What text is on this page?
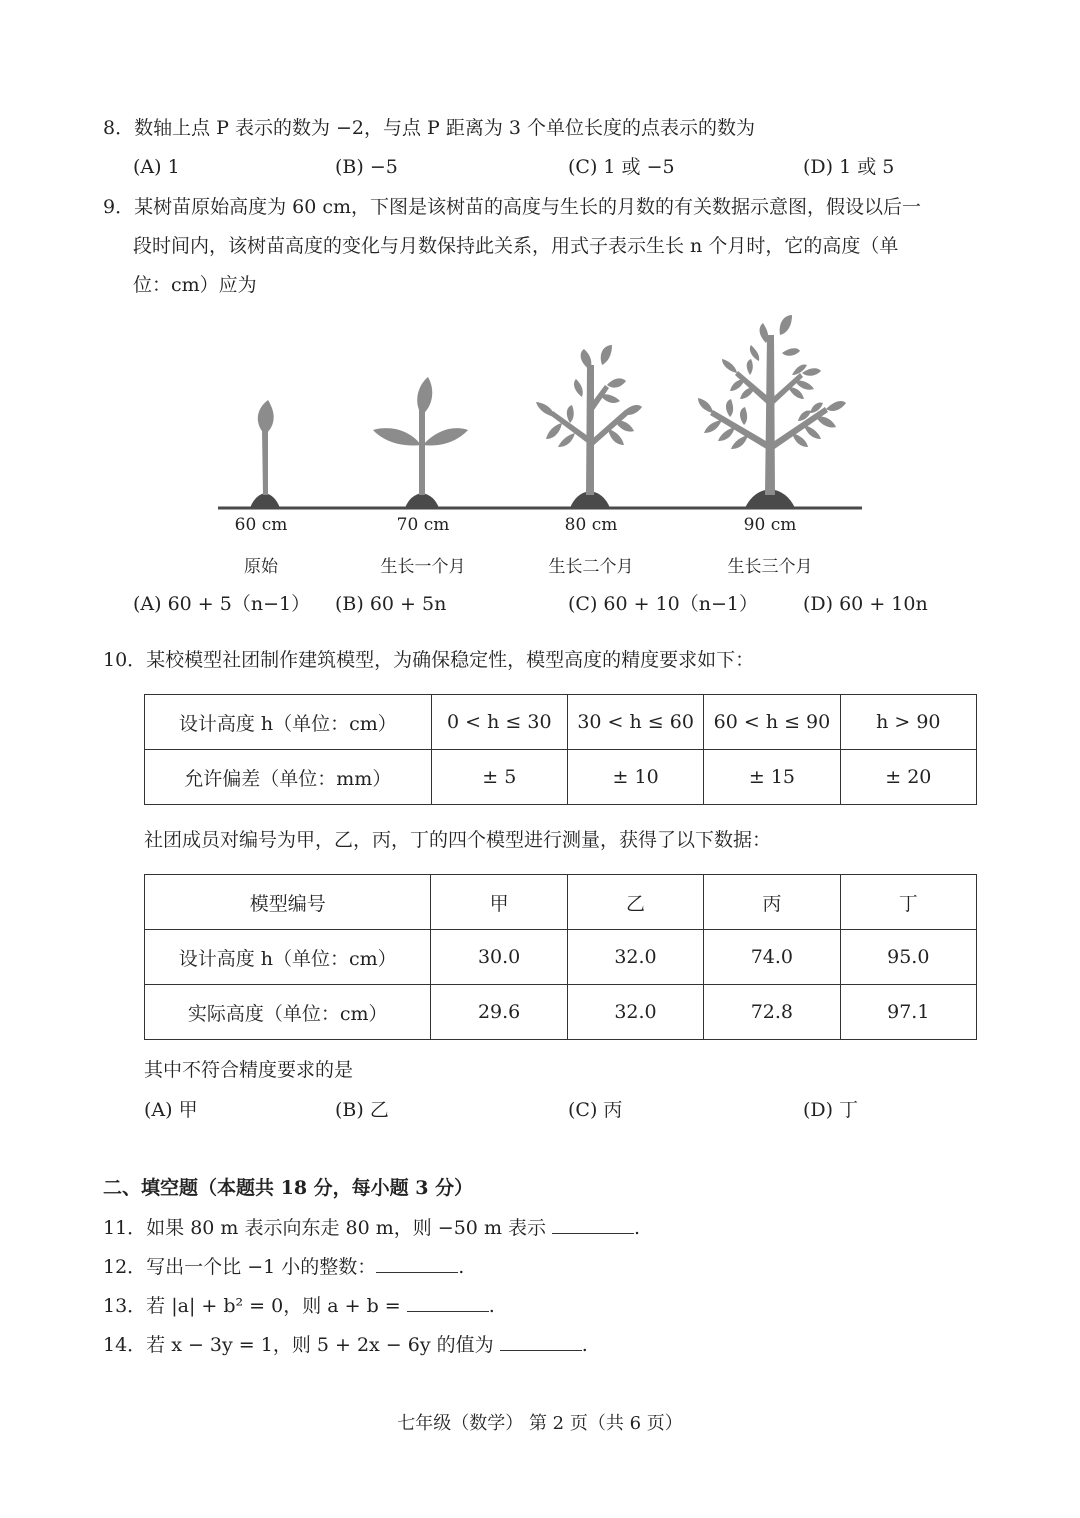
8．数轴上点 P 表示的数为 −2，与点 P 距离为 3 个单位长度的点表示的数为
(A) 1	(B) −5	(C) 1 或 −5	(D) 1 或 5
9．某树苗原始高度为 60 cm，下图是该树苗的高度与生长的月数的有关数据示意图，假设以后一
段时间内，该树苗高度的变化与月数保持此关系，用式子表示生长 n 个月时，它的高度（单
位：cm）应为
60 cm	70 cm	80 cm	90 cm
原始	生长一个月	生长二个月	生长三个月
(A) 60 + 5（n−1） (B) 60 + 5n	(C) 60 + 10（n−1） (D) 60 + 10n
10．某校模型社团制作建筑模型，为确保稳定性，模型高度的精度要求如下：
设计高度 h（单位：cm）	0 < h ≤ 30	30 < h ≤ 60	60 < h ≤ 90	h > 90
允许偏差（单位：mm）	± 5	± 10	± 15	± 20
社团成员对编号为甲，乙，丙，丁的四个模型进行测量，获得了以下数据：
模型编号	甲	乙	丙	丁
设计高度 h（单位：cm）	30.0	32.0	74.0	95.0
实际高度（单位：cm）	29.6	32.0	72.8	97.1
其中不符合精度要求的是
(A) 甲	(B) 乙	(C) 丙	(D) 丁
二、填空题（本题共 18 分，每小题 3 分）
11．如果 80 m 表示向东走 80 m，则 −50 m 表示	.
12．写出一个比 −1 小的整数：	.
13．若 |a| + b² = 0，则 a + b =	.
14．若 x − 3y = 1，则 5 + 2x − 6y 的值为	.
七年级（数学） 第 2 页（共 6 页）
